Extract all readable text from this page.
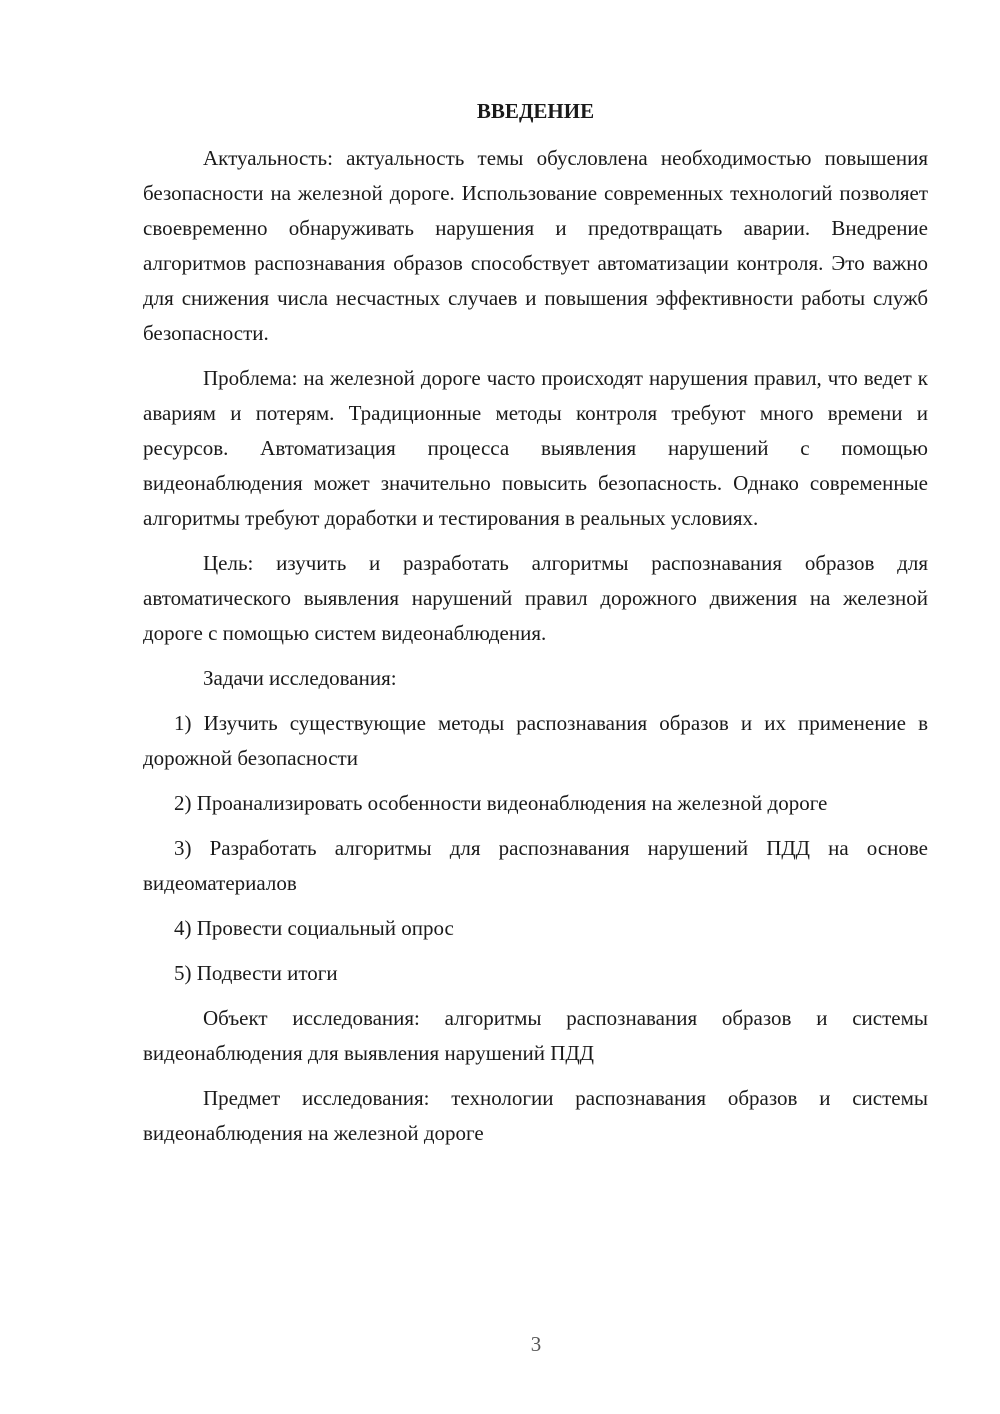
ВВЕДЕНИЕ

Актуальность: актуальность темы обусловлена необходимостью повышения безопасности на железной дороге. Использование современных технологий позволяет своевременно обнаруживать нарушения и предотвращать аварии. Внедрение алгоритмов распознавания образов способствует автоматизации контроля. Это важно для снижения числа несчастных случаев и повышения эффективности работы служб безопасности.

Проблема: на железной дороге часто происходят нарушения правил, что ведет к авариям и потерям. Традиционные методы контроля требуют много времени и ресурсов. Автоматизация процесса выявления нарушений с помощью видеонаблюдения может значительно повысить безопасность. Однако современные алгоритмы требуют доработки и тестирования в реальных условиях.

Цель: изучить и разработать алгоритмы распознавания образов для автоматического выявления нарушений правил дорожного движения на железной дороге с помощью систем видеонаблюдения.

Задачи исследования:

1) Изучить существующие методы распознавания образов и их применение в дорожной безопасности

2) Проанализировать особенности видеонаблюдения на железной дороге

3) Разработать алгоритмы для распознавания нарушений ПДД на основе видеоматериалов

4) Провести социальный опрос

5) Подвести итоги

Объект исследования: алгоритмы распознавания образов и системы видеонаблюдения для выявления нарушений ПДД

Предмет исследования: технологии распознавания образов и системы видеонаблюдения на железной дороге

3
